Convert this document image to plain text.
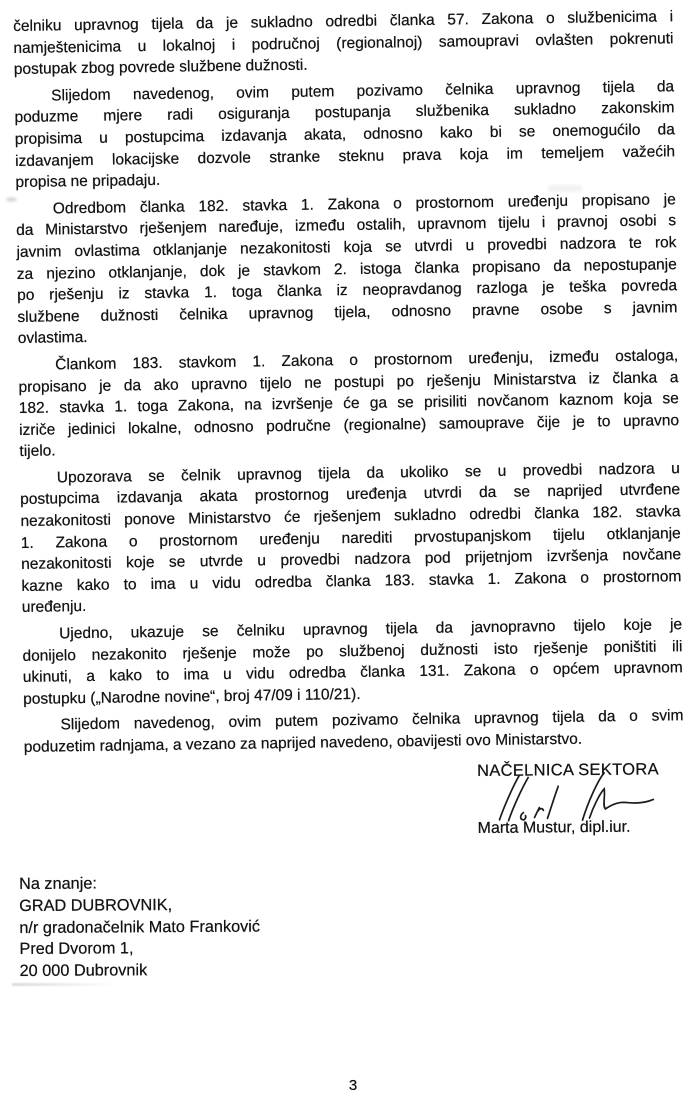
čelniku upravnog tijela da je sukladno odredbi članka 57. Zakona o službenicima i
namještenicima u lokalnoj i područnoj (regionalnoj) samoupravi ovlašten pokrenuti
postupak zbog povrede službene dužnosti.
Slijedom navedenog, ovim putem pozivamo čelnika upravnog tijela da
poduzme mjere radi osiguranja postupanja službenika sukladno zakonskim
propisima u postupcima izdavanja akata, odnosno kako bi se onemogućilo da
izdavanjem lokacijske dozvole stranke steknu prava koja im temeljem važećih
propisa ne pripadaju.
Odredbom članka 182. stavka 1. Zakona o prostornom uređenju propisano je
da Ministarstvo rješenjem naređuje, između ostalih, upravnom tijelu i pravnoj osobi s
javnim ovlastima otklanjanje nezakonitosti koja se utvrdi u provedbi nadzora te rok
za njezino otklanjanje, dok je stavkom 2. istoga članka propisano da nepostupanje
po rješenju iz stavka 1. toga članka iz neopravdanog razloga je teška povreda
službene dužnosti čelnika upravnog tijela, odnosno pravne osobe s javnim
ovlastima.
Člankom 183. stavkom 1. Zakona o prostornom uređenju, između ostaloga,
propisano je da ako upravno tijelo ne postupi po rješenju Ministarstva iz članka a
182. stavka 1. toga Zakona, na izvršenje će ga se prisiliti novčanom kaznom koja se
izriče jedinici lokalne, odnosno područne (regionalne) samouprave čije je to upravno
tijelo.
Upozorava se čelnik upravnog tijela da ukoliko se u provedbi nadzora u
postupcima izdavanja akata prostornog uređenja utvrdi da se naprijed utvrđene
nezakonitosti ponove Ministarstvo će rješenjem sukladno odredbi članka 182. stavka
1. Zakona o prostornom uređenju narediti prvostupanjskom tijelu otklanjanje
nezakonitosti koje se utvrde u provedbi nadzora pod prijetnjom izvršenja novčane
kazne kako to ima u vidu odredba članka 183. stavka 1. Zakona o prostornom
uređenju.
Ujedno, ukazuje se čelniku upravnog tijela da javnopravno tijelo koje je
donijelo nezakonito rješenje može po službenoj dužnosti isto rješenje poništiti ili
ukinuti, a kako to ima u vidu odredba članka 131. Zakona o općem upravnom
postupku („Narodne novine“, broj 47/09 i 110/21).
Slijedom navedenog, ovim putem pozivamo čelnika upravnog tijela da o svim
poduzetim radnjama, a vezano za naprijed navedeno, obavijesti ovo Ministarstvo.
NAČELNICA SEKTORA
Marta Mustur, dipl.iur.
Na znanje:
GRAD DUBROVNIK,
n/r gradonačelnik Mato Franković
Pred Dvorom 1,
20 000 Dubrovnik
3
